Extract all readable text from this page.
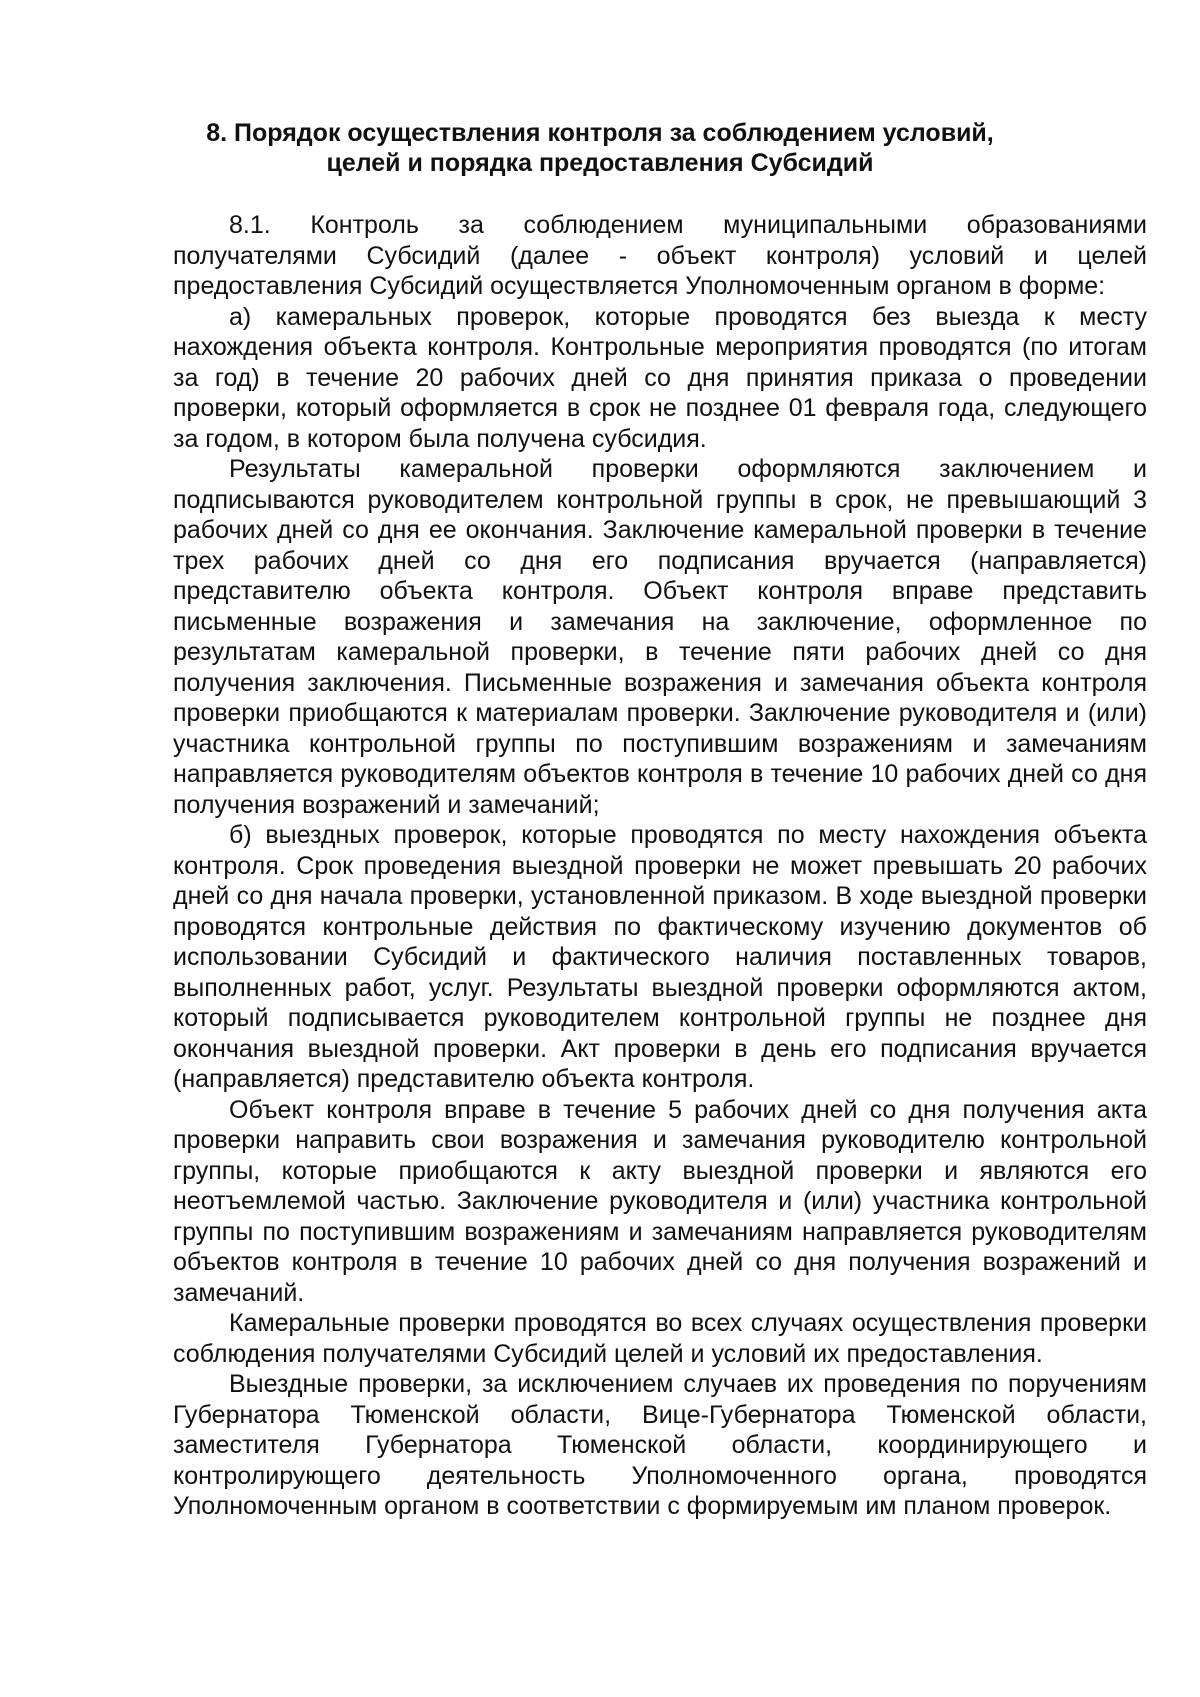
8. Порядок осуществления контроля за соблюдением условий,
целей и порядка предоставления Субсидий

8.1. Контроль за соблюдением муниципальными образованиями получателями Субсидий (далее - объект контроля) условий и целей предоставления Субсидий осуществляется Уполномоченным органом в форме:

а) камеральных проверок, которые проводятся без выезда к месту нахождения объекта контроля. Контрольные мероприятия проводятся (по итогам за год) в течение 20 рабочих дней со дня принятия приказа о проведении проверки, который оформляется в срок не позднее 01 февраля года, следующего за годом, в котором была получена субсидия.

Результаты камеральной проверки оформляются заключением и подписываются руководителем контрольной группы в срок, не превышающий 3 рабочих дней со дня ее окончания. Заключение камеральной проверки в течение трех рабочих дней со дня его подписания вручается (направляется) представителю объекта контроля. Объект контроля вправе представить письменные возражения и замечания на заключение, оформленное по результатам камеральной проверки, в течение пяти рабочих дней со дня получения заключения. Письменные возражения и замечания объекта контроля проверки приобщаются к материалам проверки. Заключение руководителя и (или) участника контрольной группы по поступившим возражениям и замечаниям направляется руководителям объектов контроля в течение 10 рабочих дней со дня получения возражений и замечаний;

б) выездных проверок, которые проводятся по месту нахождения объекта контроля. Срок проведения выездной проверки не может превышать 20 рабочих дней со дня начала проверки, установленной приказом. В ходе выездной проверки проводятся контрольные действия по фактическому изучению документов об использовании Субсидий и фактического наличия поставленных товаров, выполненных работ, услуг. Результаты выездной проверки оформляются актом, который подписывается руководителем контрольной группы не позднее дня окончания выездной проверки. Акт проверки в день его подписания вручается (направляется) представителю объекта контроля.

Объект контроля вправе в течение 5 рабочих дней со дня получения акта проверки направить свои возражения и замечания руководителю контрольной группы, которые приобщаются к акту выездной проверки и являются его неотъемлемой частью. Заключение руководителя и (или) участника контрольной группы по поступившим возражениям и замечаниям направляется руководителям объектов контроля в течение 10 рабочих дней со дня получения возражений и замечаний.

Камеральные проверки проводятся во всех случаях осуществления проверки соблюдения получателями Субсидий целей и условий их предоставления.

Выездные проверки, за исключением случаев их проведения по поручениям Губернатора Тюменской области, Вице-Губернатора Тюменской области, заместителя Губернатора Тюменской области, координирующего и контролирующего деятельность Уполномоченного органа, проводятся Уполномоченным органом в соответствии с формируемым им планом проверок.
